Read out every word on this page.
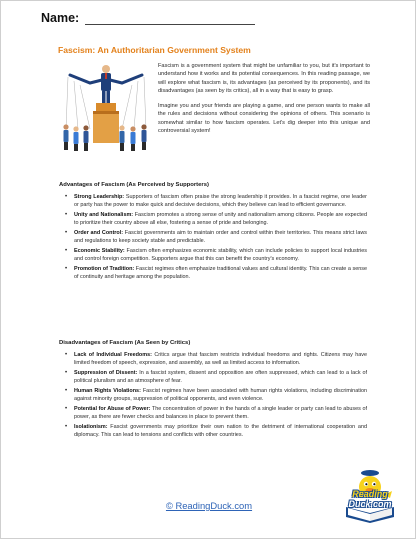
Name :
Fascism: An Authoritarian Government System

Fascism is a government system that might be unfamiliar to you, but it's important to understand how it works and its potential consequences. In this reading passage, we will explore what fascism is, its advantages (as perceived by its proponents), and its disadvantages (as seen by its critics), all in a way that is easy to grasp.

Imagine you and your friends are playing a game, and one person wants to make all the rules and decisions without considering the opinions of others. This scenario is somewhat similar to how fascism operates. Let's dig deeper into this unique and controversial system!

Advantages of Fascism (As Perceived by Supporters)
• Strong Leadership: Supporters of fascism often praise the strong leadership it provides. In a fascist regime, one leader or party has the power to make quick and decisive decisions, which they believe can lead to efficient governance.
• Unity and Nationalism: Fascism promotes a strong sense of unity and nationalism among citizens. People are expected to prioritize their country above all else, fostering a sense of pride and belonging.
• Order and Control: Fascist governments aim to maintain order and control within their territories. This means strict laws and regulations to keep society stable and predictable.
• Economic Stability: Fascism often emphasizes economic stability, which can include policies to support local industries and control foreign competition. Supporters argue that this can benefit the country's economy.
• Promotion of Tradition: Fascist regimes often emphasize traditional values and cultural identity. This can create a sense of continuity and heritage among the population.
Disadvantages of Fascism (As Seen by Critics)
• Lack of Individual Freedoms: Critics argue that fascism restricts individual freedoms and rights. Citizens may have limited freedom of speech, expression, and assembly, as well as limited access to information.
• Suppression of Dissent: In a fascist system, dissent and opposition are often suppressed, which can lead to a lack of political pluralism and an atmosphere of fear.
• Human Rights Violations: Fascist regimes have been associated with human rights violations, including discrimination against minority groups, suppression of political opponents, and even violence.
• Potential for Abuse of Power: The concentration of power in the hands of a single leader or party can lead to abuses of power, as there are fewer checks and balances in place to prevent them.
• Isolationism: Fascist governments may prioritize their own nation to the detriment of international cooperation and diplomacy. This can lead to tensions and conflicts with other countries.
© ReadingDuck.com
Reading
Duck.com
